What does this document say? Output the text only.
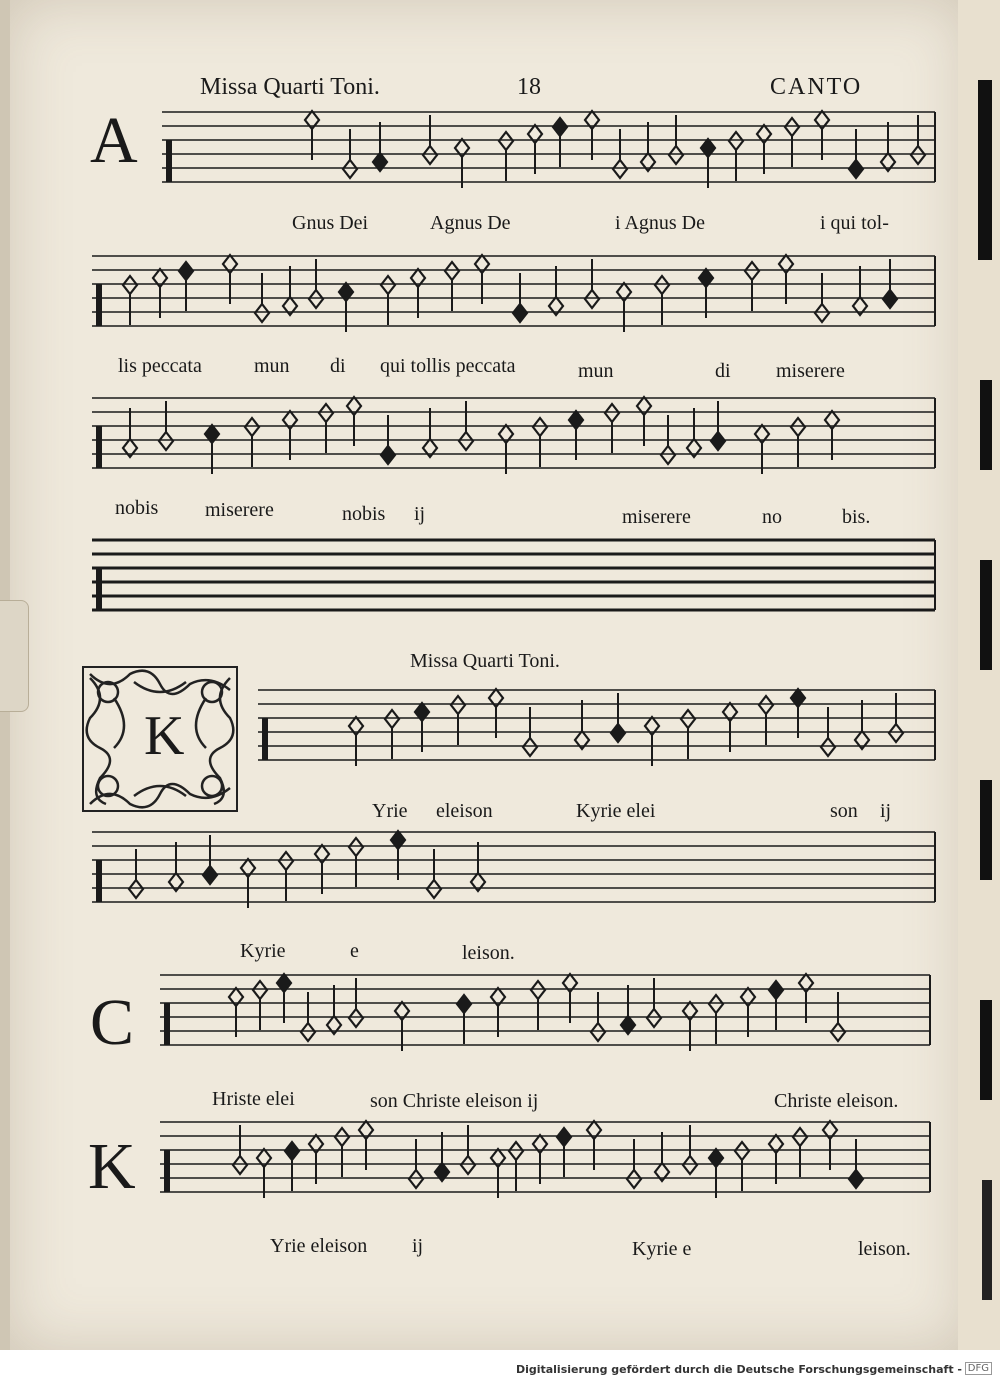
Missa Quarti Toni.	18	CANTO
A
Gnus Dei	Agnus De	i Agnus De	i qui tol-
lis peccata	mun di qui tollis peccata	mun	di miserere
nobis miserere	nobis ij	miserere	no	bis.
Missa Quarti Toni.
K
Yrie eleison	Kyrie elei	son ij
Kyrie	e	leison.
C
Hriste elei	son Christe eleison ij	Christe eleison.
K
Yrie eleison ij	Kyrie e	leison.
Digitalisierung gefördert durch die Deutsche Forschungsgemeinschaft - DFG
